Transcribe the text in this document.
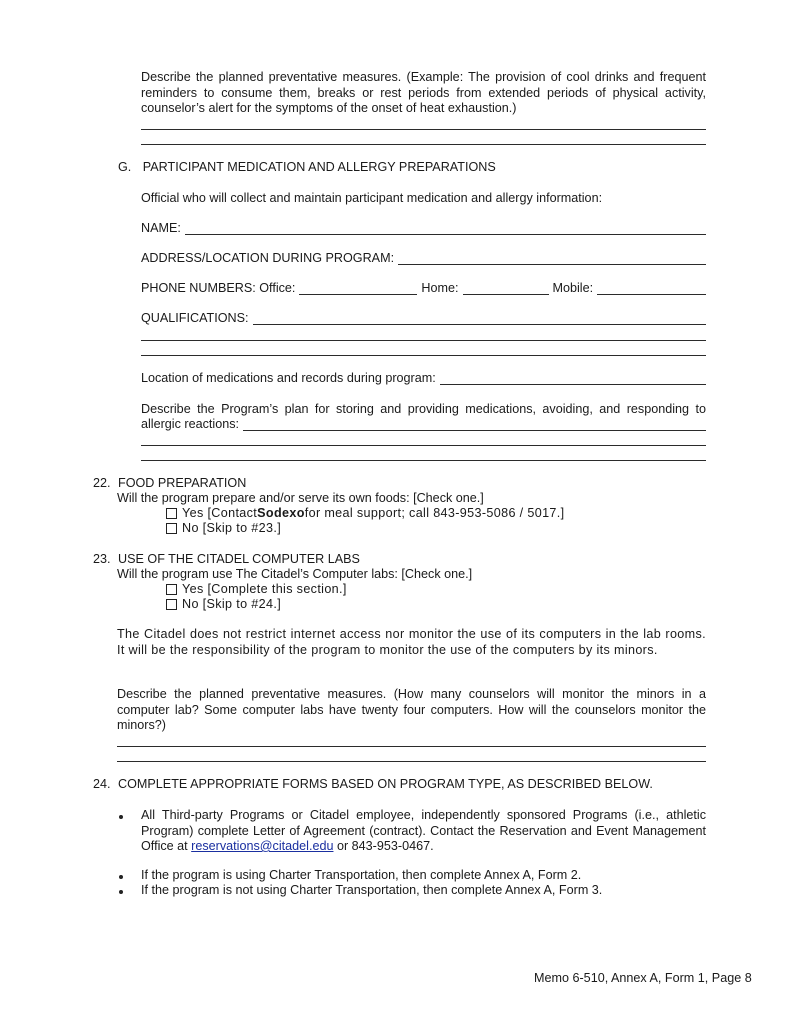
Describe the planned preventative measures. (Example: The provision of cool drinks and frequent reminders to consume them, breaks or rest periods from extended periods of physical activity, counselor’s alert for the symptoms of the onset of heat exhaustion.)

G. PARTICIPANT MEDICATION AND ALLERGY PREPARATIONS
Official who will collect and maintain participant medication and allergy information:
NAME:
ADDRESS/LOCATION DURING PROGRAM:
PHONE NUMBERS: Office:	Home:	Mobile:
QUALIFICATIONS:
Location of medications and records during program:
Describe the Program’s plan for storing and providing medications, avoiding, and responding to
allergic reactions:
22. FOOD PREPARATION
Will the program prepare and/or serve its own foods: [Check one.]
Yes [Contact Sodexo for meal support; call 843-953-5086 / 5017.]
No [Skip to #23.]
23. USE OF THE CITADEL COMPUTER LABS
Will the program use The Citadel’s Computer labs: [Check one.]
Yes [Complete this section.]
No [Skip to #24.]

The Citadel does not restrict internet access nor monitor the use of its computers in the lab rooms. It will be the responsibility of the program to monitor the use of the computers by its minors.

Describe the planned preventative measures. (How many counselors will monitor the minors in a computer lab? Some computer labs have twenty four computers. How will the counselors monitor the minors?)

24. COMPLETE APPROPRIATE FORMS BASED ON PROGRAM TYPE, AS DESCRIBED BELOW.

All Third-party Programs or Citadel employee, independently sponsored Programs (i.e., athletic Program) complete Letter of Agreement (contract). Contact the Reservation and Event Management Office at reservations@citadel.edu or 843-953-0467.

If the program is using Charter Transportation, then complete Annex A, Form 2.
If the program is not using Charter Transportation, then complete Annex A, Form 3.
Memo 6-510, Annex A, Form 1, Page 8
